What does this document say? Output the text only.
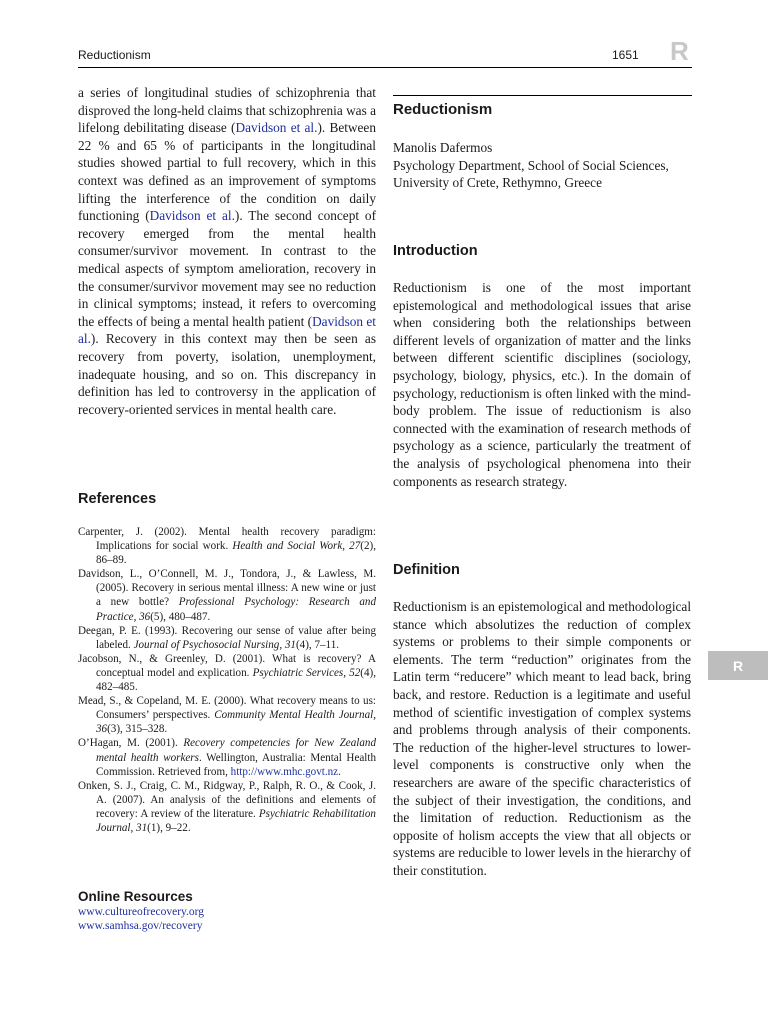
Reductionism	1651 R

a series of longitudinal studies of schizophrenia that disproved the long-held claims that schizophrenia was a lifelong debilitating disease (Davidson et al.). Between 22 % and 65 % of participants in the longitudinal studies showed partial to full recovery, which in this context was defined as an improvement of symptoms lifting the interference of the condition on daily functioning (Davidson et al.). The second concept of recovery emerged from the mental health consumer/survivor movement. In contrast to the medical aspects of symptom amelioration, recovery in the consumer/survivor movement may see no reduction in clinical symptoms; instead, it refers to overcoming the effects of being a mental health patient (Davidson et al.). Recovery in this context may then be seen as recovery from poverty, isolation, unemployment, inadequate housing, and so on. This discrepancy in definition has led to controversy in the application of recovery-oriented services in mental health care.

References
Carpenter, J. (2002). Mental health recovery paradigm: Implications for social work. Health and Social Work, 27(2), 86–89.
Davidson, L., O’Connell, M. J., Tondora, J., & Lawless, M. (2005). Recovery in serious mental illness: A new wine or just a new bottle? Professional Psychology: Research and Practice, 36(5), 480–487.
Deegan, P. E. (1993). Recovering our sense of value after being labeled. Journal of Psychosocial Nursing, 31(4), 7–11.
Jacobson, N., & Greenley, D. (2001). What is recovery? A conceptual model and explication. Psychiatric Services, 52(4), 482–485.
Mead, S., & Copeland, M. E. (2000). What recovery means to us: Consumers’ perspectives. Community Mental Health Journal, 36(3), 315–328.
O’Hagan, M. (2001). Recovery competencies for New Zealand mental health workers. Wellington, Australia: Mental Health Commission. Retrieved from, http://www.mhc.govt.nz.
Onken, S. J., Craig, C. M., Ridgway, P., Ralph, R. O., & Cook, J. A. (2007). An analysis of the definitions and elements of recovery: A review of the literature. Psychiatric Rehabilitation Journal, 31(1), 9–22.
Online Resources
www.cultureofrecovery.org
www.samhsa.gov/recovery
Reductionism
Manolis Dafermos
Psychology Department, School of Social Sciences, University of Crete, Rethymno, Greece
Introduction

Reductionism is one of the most important epistemological and methodological issues that arise when considering both the relationships between different levels of organization of matter and the links between different scientific disciplines (sociology, psychology, biology, physics, etc.). In the domain of psychology, reductionism is often linked with the mind-body problem. The issue of reductionism is also connected with the examination of research methods of psychology as a science, particularly the treatment of the analysis of psychological phenomena into their components as research strategy.

Definition

Reductionism is an epistemological and methodological stance which absolutizes the reduction of complex systems or problems to their simple components or elements. The term “reduction” originates from the Latin term “reducere” which meant to lead back, bring back, and restore. Reduction is a legitimate and useful method of scientific investigation of complex systems and problems through analysis of their components. The reduction of the higher-level structures to lower-level components is constructive only when the researchers are aware of the specific characteristics of the subject of their investigation, the conditions, and the limitation of reduction. Reductionism as the opposite of holism accepts the view that all objects or systems are reducible to lower levels in the hierarchy of their constitution.

R
